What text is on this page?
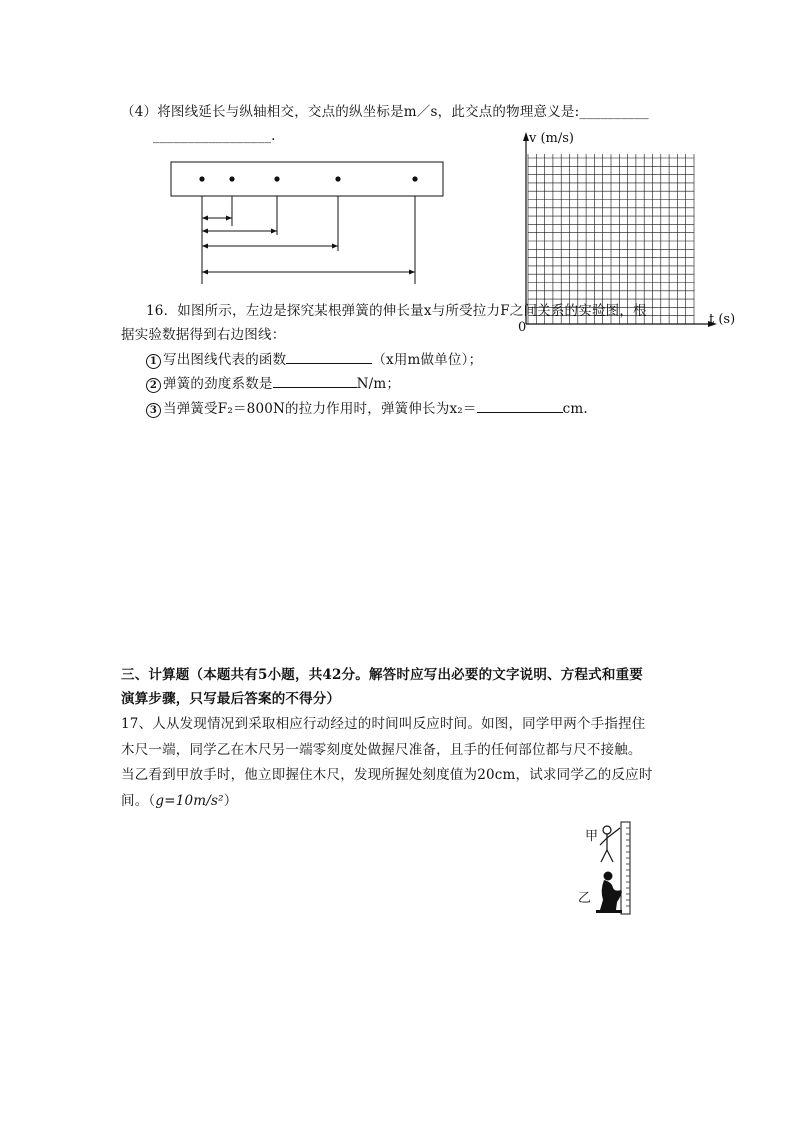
（4）将图线延长与纵轴相交，交点的纵坐标是m／s，此交点的物理意义是:__________
_________________.	v (m/s)
t (s)
0
16．如图所示，左边是探究某根弹簧的伸长量x与所受拉力F之间关系的实验图，根
据实验数据得到右边图线：
1 写出图线代表的函数	（x用m做单位）；
2 弹簧的劲度系数是	N/m；
3 当弹簧受F₂＝800N的拉力作用时，弹簧伸长为x₂＝	cm.
三、计算题（本题共有5小题，共42分。解答时应写出必要的文字说明、方程式和重要
演算步骤，只写最后答案的不得分）
17、人从发现情况到采取相应行动经过的时间叫反应时间。如图，同学甲两个手指捏住
木尺一端，同学乙在木尺另一端零刻度处做握尺准备，且手的任何部位都与尺不接触。
当乙看到甲放手时，他立即握住木尺，发现所握处刻度值为20cm，试求同学乙的反应时
间。（g=10m/s²）
甲
乙
